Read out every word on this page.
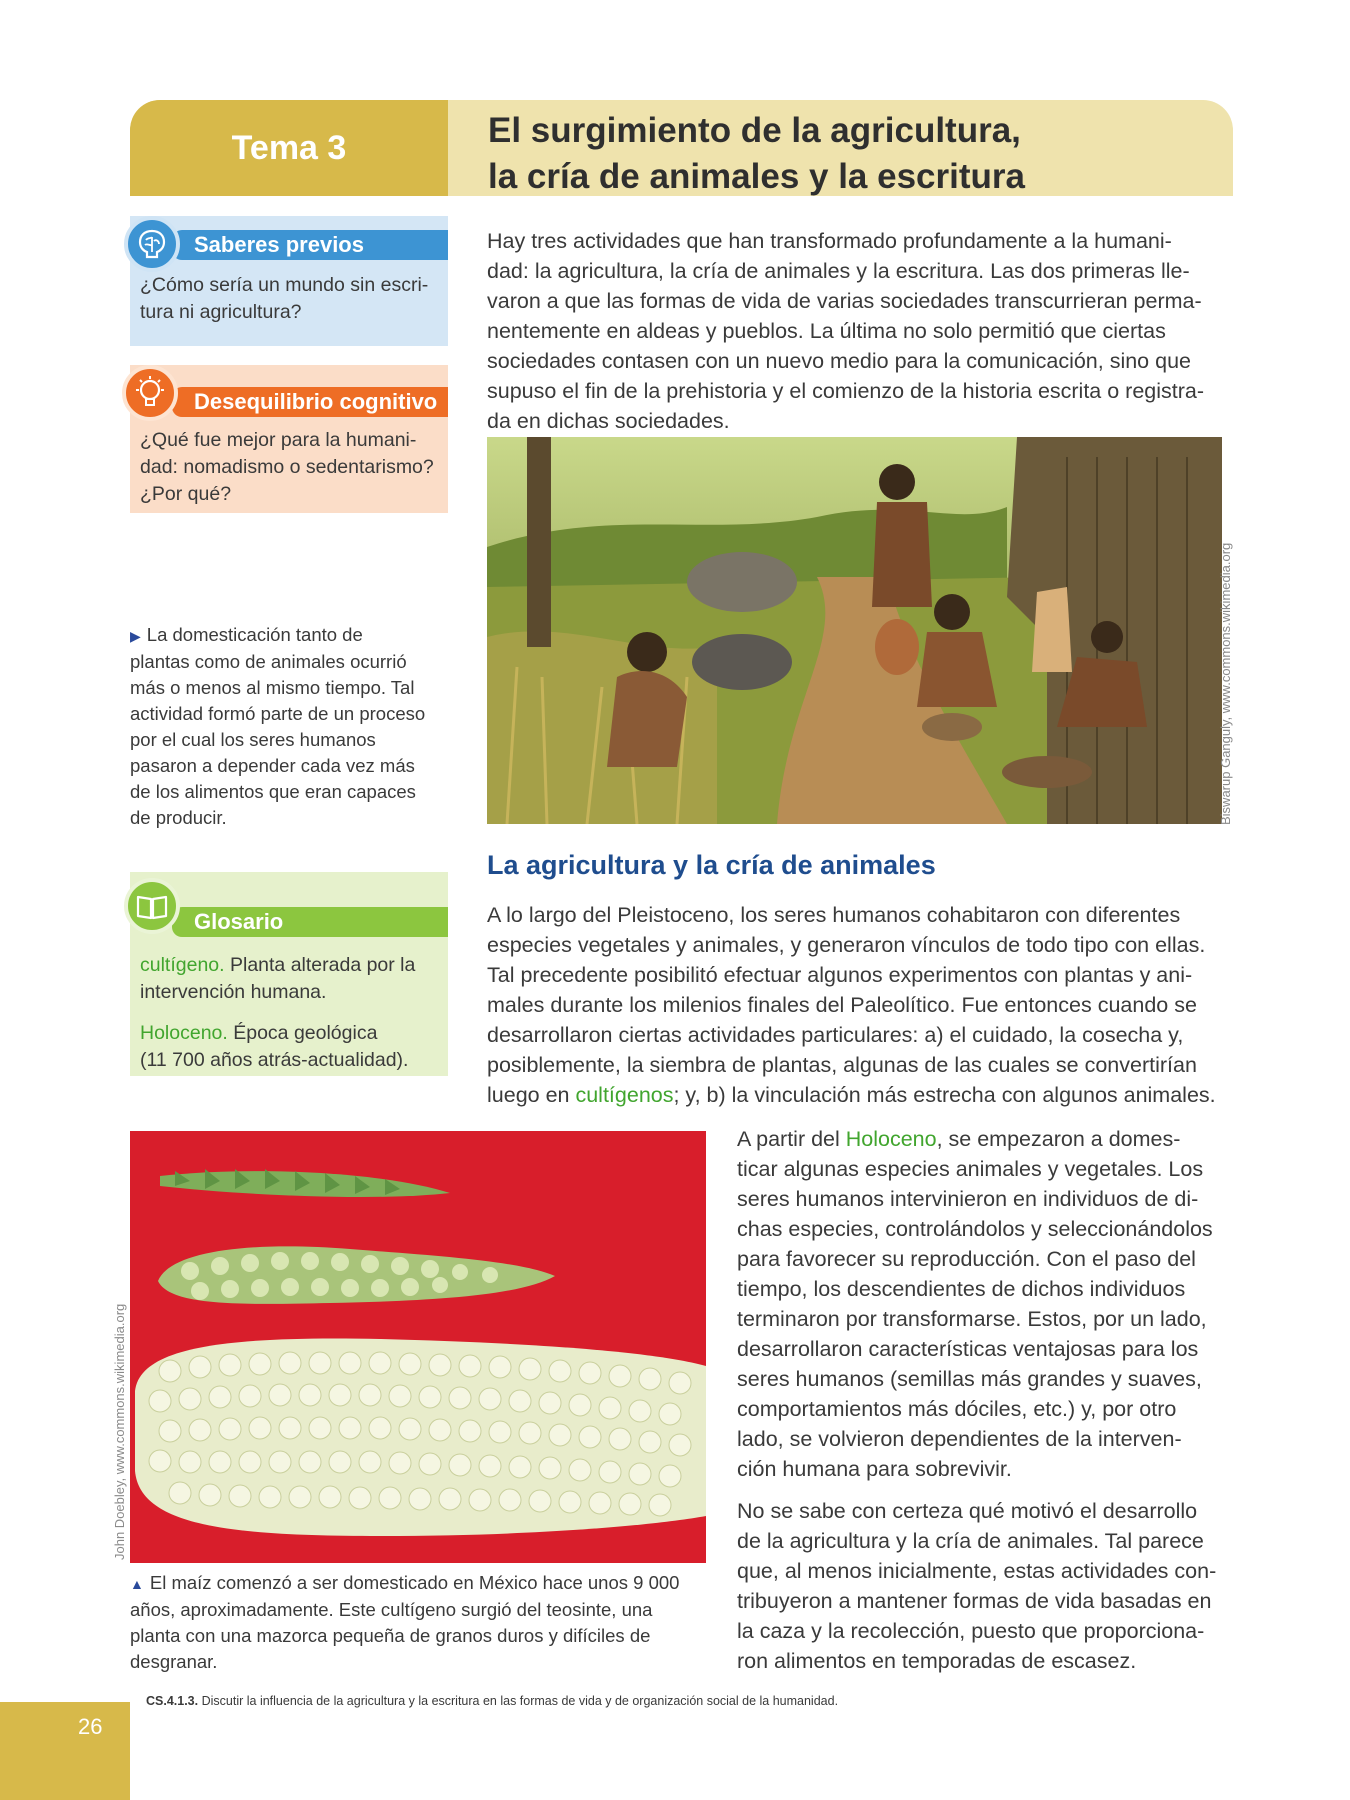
Tema 3	El surgimiento de la agricultura,
la cría de animales y la escritura
Saberes previos
¿Cómo sería un mundo sin escri-
tura ni agricultura?
Desequilibrio cognitivo
¿Qué fue mejor para la humani-
dad: nomadismo o sedentarismo?
¿Por qué?
▶ La domesticación tanto de
plantas como de animales ocurrió
más o menos al mismo tiempo. Tal
actividad formó parte de un proceso
por el cual los seres humanos
pasaron a depender cada vez más
de los alimentos que eran capaces
de producir.
Glosario
cultígeno. Planta alterada por la
intervención humana.
Holoceno. Época geológica
(11 700 años atrás-actualidad).
Hay tres actividades que han transformado profundamente a la humani-
dad: la agricultura, la cría de animales y la escritura. Las dos primeras lle-
varon a que las formas de vida de varias sociedades transcurrieran perma-
nentemente en aldeas y pueblos. La última no solo permitió que ciertas
sociedades contasen con un nuevo medio para la comunicación, sino que
supuso el fin de la prehistoria y el comienzo de la historia escrita o registra-
da en dichas sociedades.
Biswarup Ganguly, www.commons.wikimedia.org
La agricultura y la cría de animales
A lo largo del Pleistoceno, los seres humanos cohabitaron con diferentes
especies vegetales y animales, y generaron vínculos de todo tipo con ellas.
Tal precedente posibilitó efectuar algunos experimentos con plantas y ani-
males durante los milenios finales del Paleolítico. Fue entonces cuando se
desarrollaron ciertas actividades particulares: a) el cuidado, la cosecha y,
posiblemente, la siembra de plantas, algunas de las cuales se convertirían
luego en cultígenos; y, b) la vinculación más estrecha con algunos animales.
A partir del Holoceno, se empezaron a domes-
ticar algunas especies animales y vegetales. Los
seres humanos intervinieron en individuos de di-
chas especies, controlándolos y seleccionándolos
para favorecer su reproducción. Con el paso del
tiempo, los descendientes de dichos individuos
terminaron por transformarse. Estos, por un lado,
desarrollaron características ventajosas para los
seres humanos (semillas más grandes y suaves,
comportamientos más dóciles, etc.) y, por otro
lado, se volvieron dependientes de la interven-
ción humana para sobrevivir.
No se sabe con certeza qué motivó el desarrollo
de la agricultura y la cría de animales. Tal parece
que, al menos inicialmente, estas actividades con-
tribuyeron a mantener formas de vida basadas en
la caza y la recolección, puesto que proporciona-
ron alimentos en temporadas de escasez.
John Doebley, www.commons.wikimedia.org
▲ El maíz comenzó a ser domesticado en México hace unos 9 000
años, aproximadamente. Este cultígeno surgió del teosinte, una
planta con una mazorca pequeña de granos duros y difíciles de
desgranar.
26
CS.4.1.3. Discutir la influencia de la agricultura y la escritura en las formas de vida y de organización social de la humanidad.
